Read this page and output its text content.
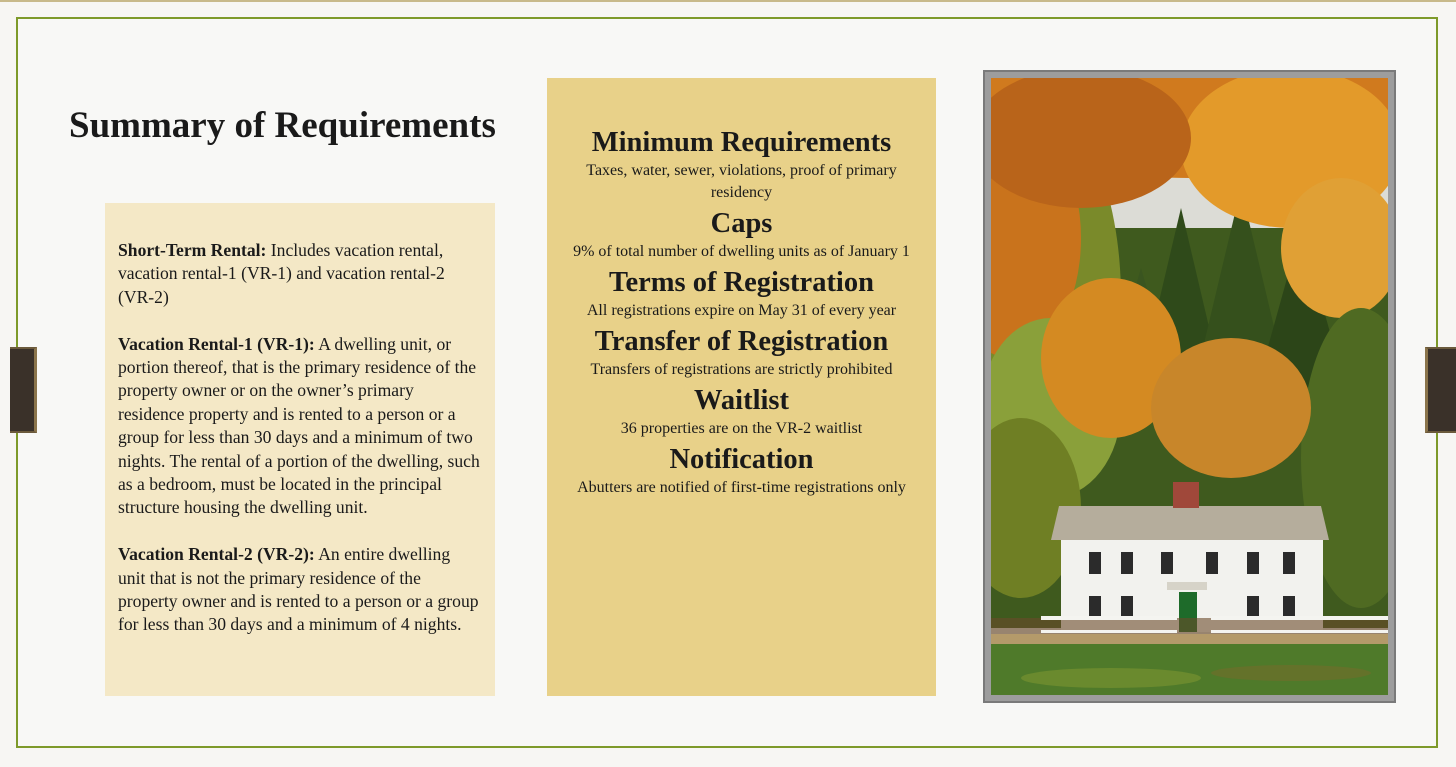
Summary of Requirements

Short-Term Rental: Includes vacation rental, vacation rental-1 (VR-1) and vacation rental-2 (VR-2)

Vacation Rental-1 (VR-1): A dwelling unit, or portion thereof, that is the primary residence of the property owner or on the owner’s primary residence property and is rented to a person or a group for less than 30 days and a minimum of two nights. The rental of a portion of the dwelling, such as a bedroom, must be located in the principal structure housing the dwelling unit.

Vacation Rental-2 (VR-2): An entire dwelling unit that is not the primary residence of the property owner and is rented to a person or a group for less than 30 days and a minimum of 4 nights.

Minimum Requirements

Taxes, water, sewer, violations, proof of primary residency

Caps

9% of total number of dwelling units as of January 1

Terms of Registration

All registrations expire on May 31 of every year

Transfer of Registration

Transfers of registrations are strictly prohibited

Waitlist

36 properties are on the VR-2 waitlist

Notification

Abutters are notified of first-time registrations only
